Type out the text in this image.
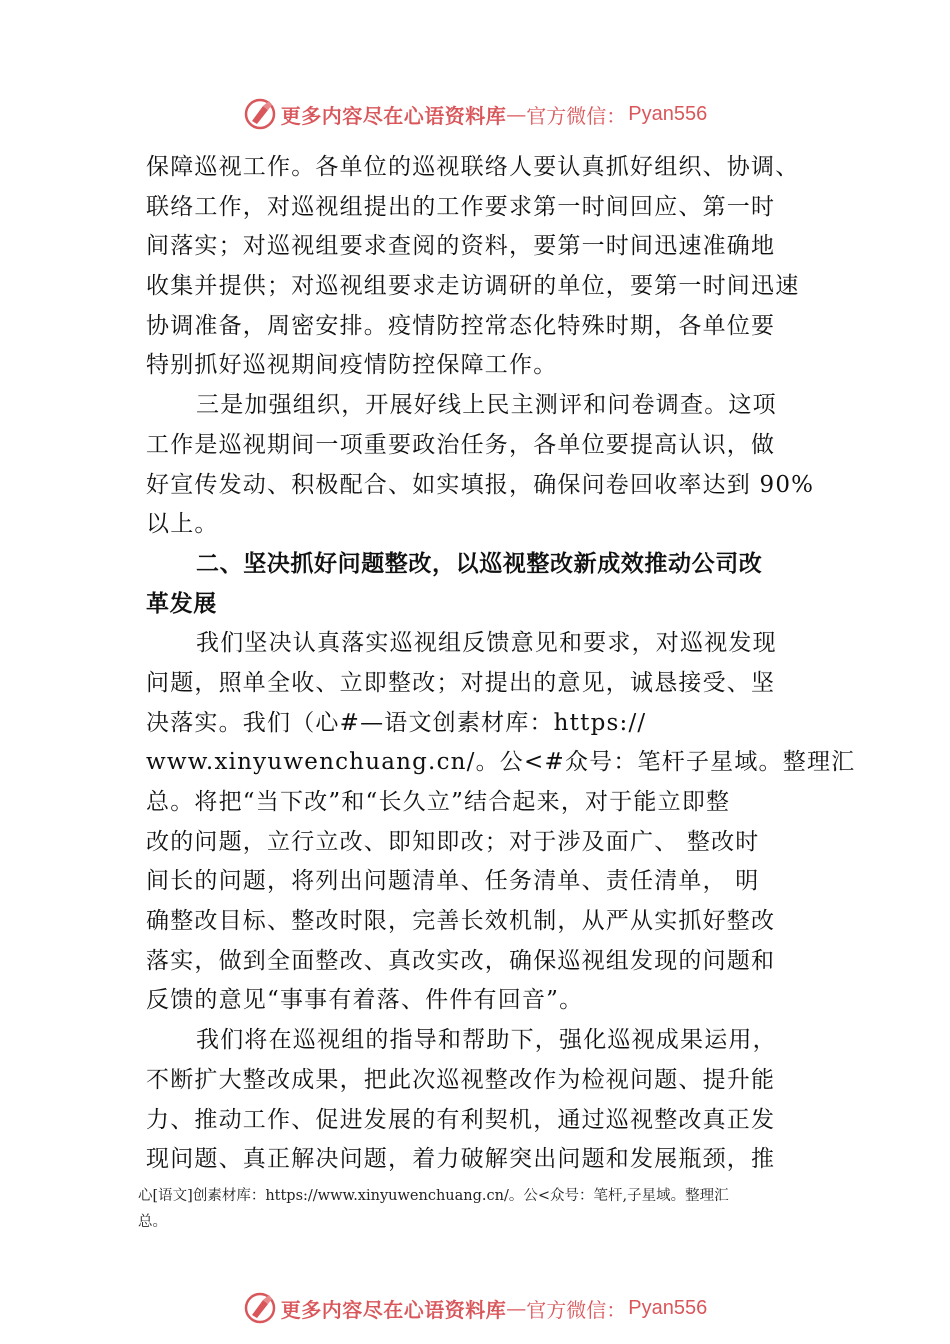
更多内容尽在心语资料库 — 官方微信： Pyan556
保障巡视工作。各单位的巡视联络人要认真抓好组织、协调、
联络工作，对巡视组提出的工作要求第一时间回应、第一时
间落实；对巡视组要求查阅的资料，要第一时间迅速准确地
收集并提供；对巡视组要求走访调研的单位，要第一时间迅速
协调准备，周密安排。疫情防控常态化特殊时期，各单位要
特别抓好巡视期间疫情防控保障工作。
三是加强组织，开展好线上民主测评和问卷调查。这项
工作是巡视期间一项重要政治任务，各单位要提高认识，做
好宣传发动、积极配合、如实填报，确保问卷回收率达到 90%
以上。
二、坚决抓好问题整改，以巡视整改新成效推动公司改
革发展
我们坚决认真落实巡视组反馈意见和要求，对巡视发现
问题，照单全收、立即整改；对提出的意见，诚恳接受、坚
决落实。我们（心#—语文创素材库：https://
www.xinyuwenchuang.cn/。公<#众号：笔杆子星域。整理汇
总。将把“当下改”和“长久立”结合起来，对于能立即整
改的问题，立行立改、即知即改；对于涉及面广、 整改时
间长的问题，将列出问题清单、任务清单、责任清单， 明
确整改目标、整改时限，完善长效机制，从严从实抓好整改
落实，做到全面整改、真改实改，确保巡视组发现的问题和
反馈的意见“事事有着落、件件有回音”。
我们将在巡视组的指导和帮助下，强化巡视成果运用，
不断扩大整改成果，把此次巡视整改作为检视问题、提升能
力、推动工作、促进发展的有利契机，通过巡视整改真正发
现问题、真正解决问题，着力破解突出问题和发展瓶颈，推
心[语文]创素材库：https://www.xinyuwenchuang.cn/。公<众号：笔杆,子星域。整理汇
总。
更多内容尽在心语资料库 — 官方微信： Pyan556
